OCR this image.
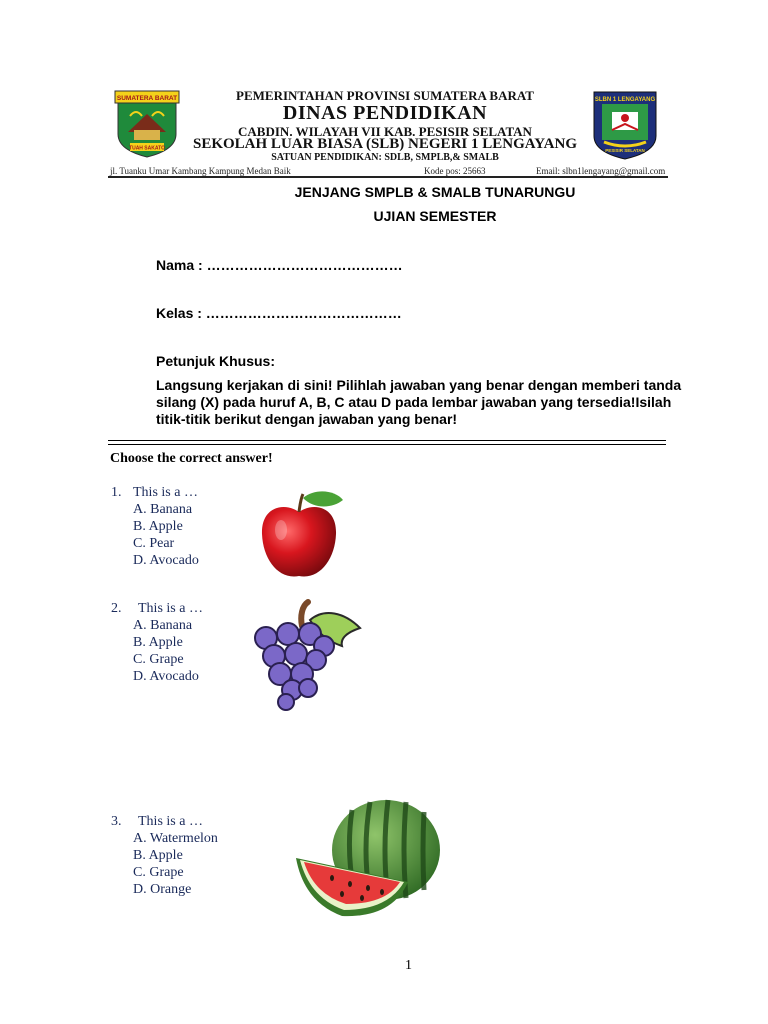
SUMATERA BARAT
TUAH SAKATO
PEMERINTAHAN PROVINSI SUMATERA BARAT
DINAS PENDIDIKAN
CABDIN. WILAYAH VII KAB. PESISIR SELATAN
SEKOLAH LUAR BIASA (SLB) NEGERI 1 LENGAYANG
SATUAN PENDIDIKAN: SDLB, SMPLB,& SMALB
SLBN 1 LENGAYANG
PESISIR SELATAN
jl. Tuanku Umar Kambang Kampung Medan Baik	Kode pos: 25663	Email: slbn1lengayang@gmail.com
JENJANG SMPLB & SMALB TUNARUNGU
UJIAN SEMESTER
Nama : ……………………………………
Kelas : ……………………………………
Petunjuk Khusus:
Langsung kerjakan di sini! Pilihlah jawaban yang benar dengan memberi tanda silang (X) pada huruf A, B, C atau D pada lembar jawaban yang tersedia!Isilah titik-titik berikut dengan jawaban yang benar!
Choose the correct answer!
1. This is a …
A. Banana
B. Apple
C. Pear
D. Avocado
2. This is a …
A. Banana
B. Apple
C. Grape
D. Avocado
3. This is a …
A. Watermelon
B. Apple
C. Grape
D. Orange
1
